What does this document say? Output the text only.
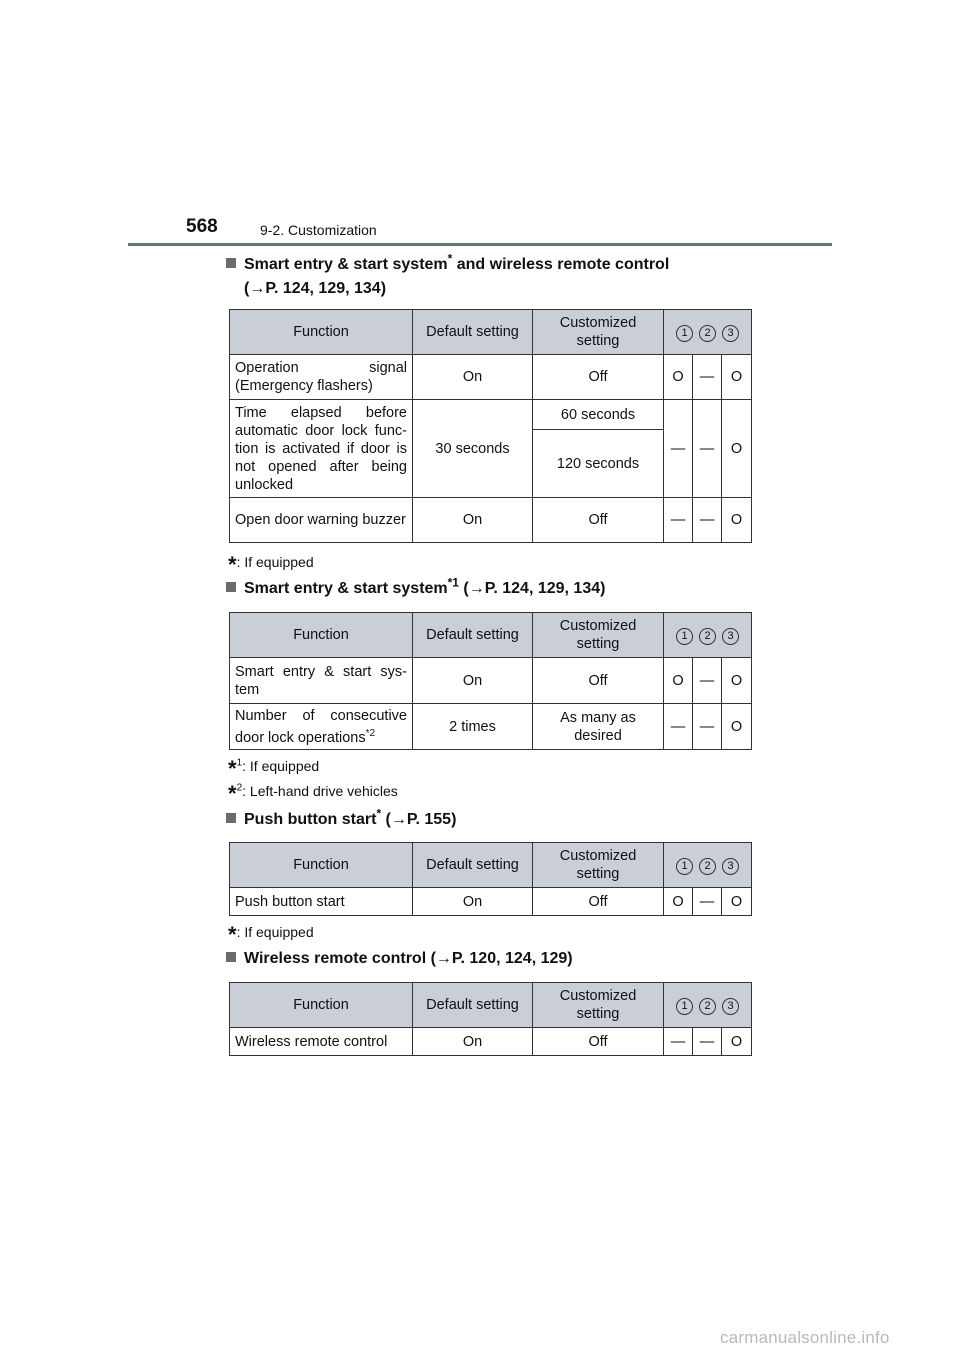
568	9-2. Customization
Smart entry & start system* and wireless remote control
(→P. 124, 129, 134)
Function	Default setting	Customized setting	1 2 3		
Operation signal (Emergency flashers)	On	Off	O	—	O
Time elapsed before automatic door lock func-tion is activated if door is not opened after being unlocked	30 seconds	60 seconds	—	—	O
		120 seconds			
Open door warning buzzer	On	Off	—	—	O
*: If equipped
Smart entry & start system$^{*1}$ (→P. 124, 129, 134)
Function	Default setting	Customized setting	1 2 3		
Smart entry & start sys-tem	On	Off	O	—	O
Number of consecutive door lock operations$^{*2}$	2 times	As many as desired	—	—	O
*$^1$: If equipped
*$^2$: Left-hand drive vehicles
Push button start* (→P. 155)
Function	Default setting	Customized setting	1 2 3		
Push button start	On	Off	O	—	O
*: If equipped
Wireless remote control (→P. 120, 124, 129)
Function	Default setting	Customized setting	1 2 3		
Wireless remote control	On	Off	—	—	O
carmanualsonline.info
